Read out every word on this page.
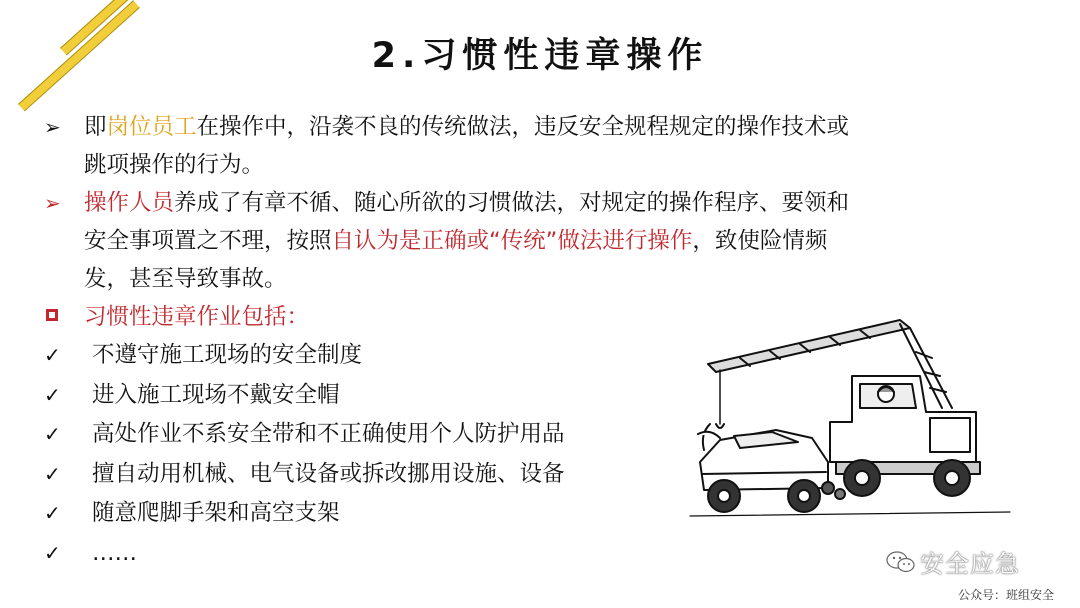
2.习惯性违章操作
➢	即岗位员工在操作中，沿袭不良的传统做法，违反安全规程规定的操作技术或
跳项操作的行为。
➢	操作人员养成了有章不循、随心所欲的习惯做法，对规定的操作程序、要领和
安全事项置之不理，按照自认为是正确或“传统”做法进行操作，致使险情频
发，甚至导致事故。
习惯性违章作业包括：
✓ 不遵守施工现场的安全制度
✓ 进入施工现场不戴安全帽
✓ 高处作业不系安全带和不正确使用个人防护用品
✓ 擅自动用机械、电气设备或拆改挪用设施、设备
✓ 随意爬脚手架和高空支架
✓ ……	安全应急
公众号：班组安全
